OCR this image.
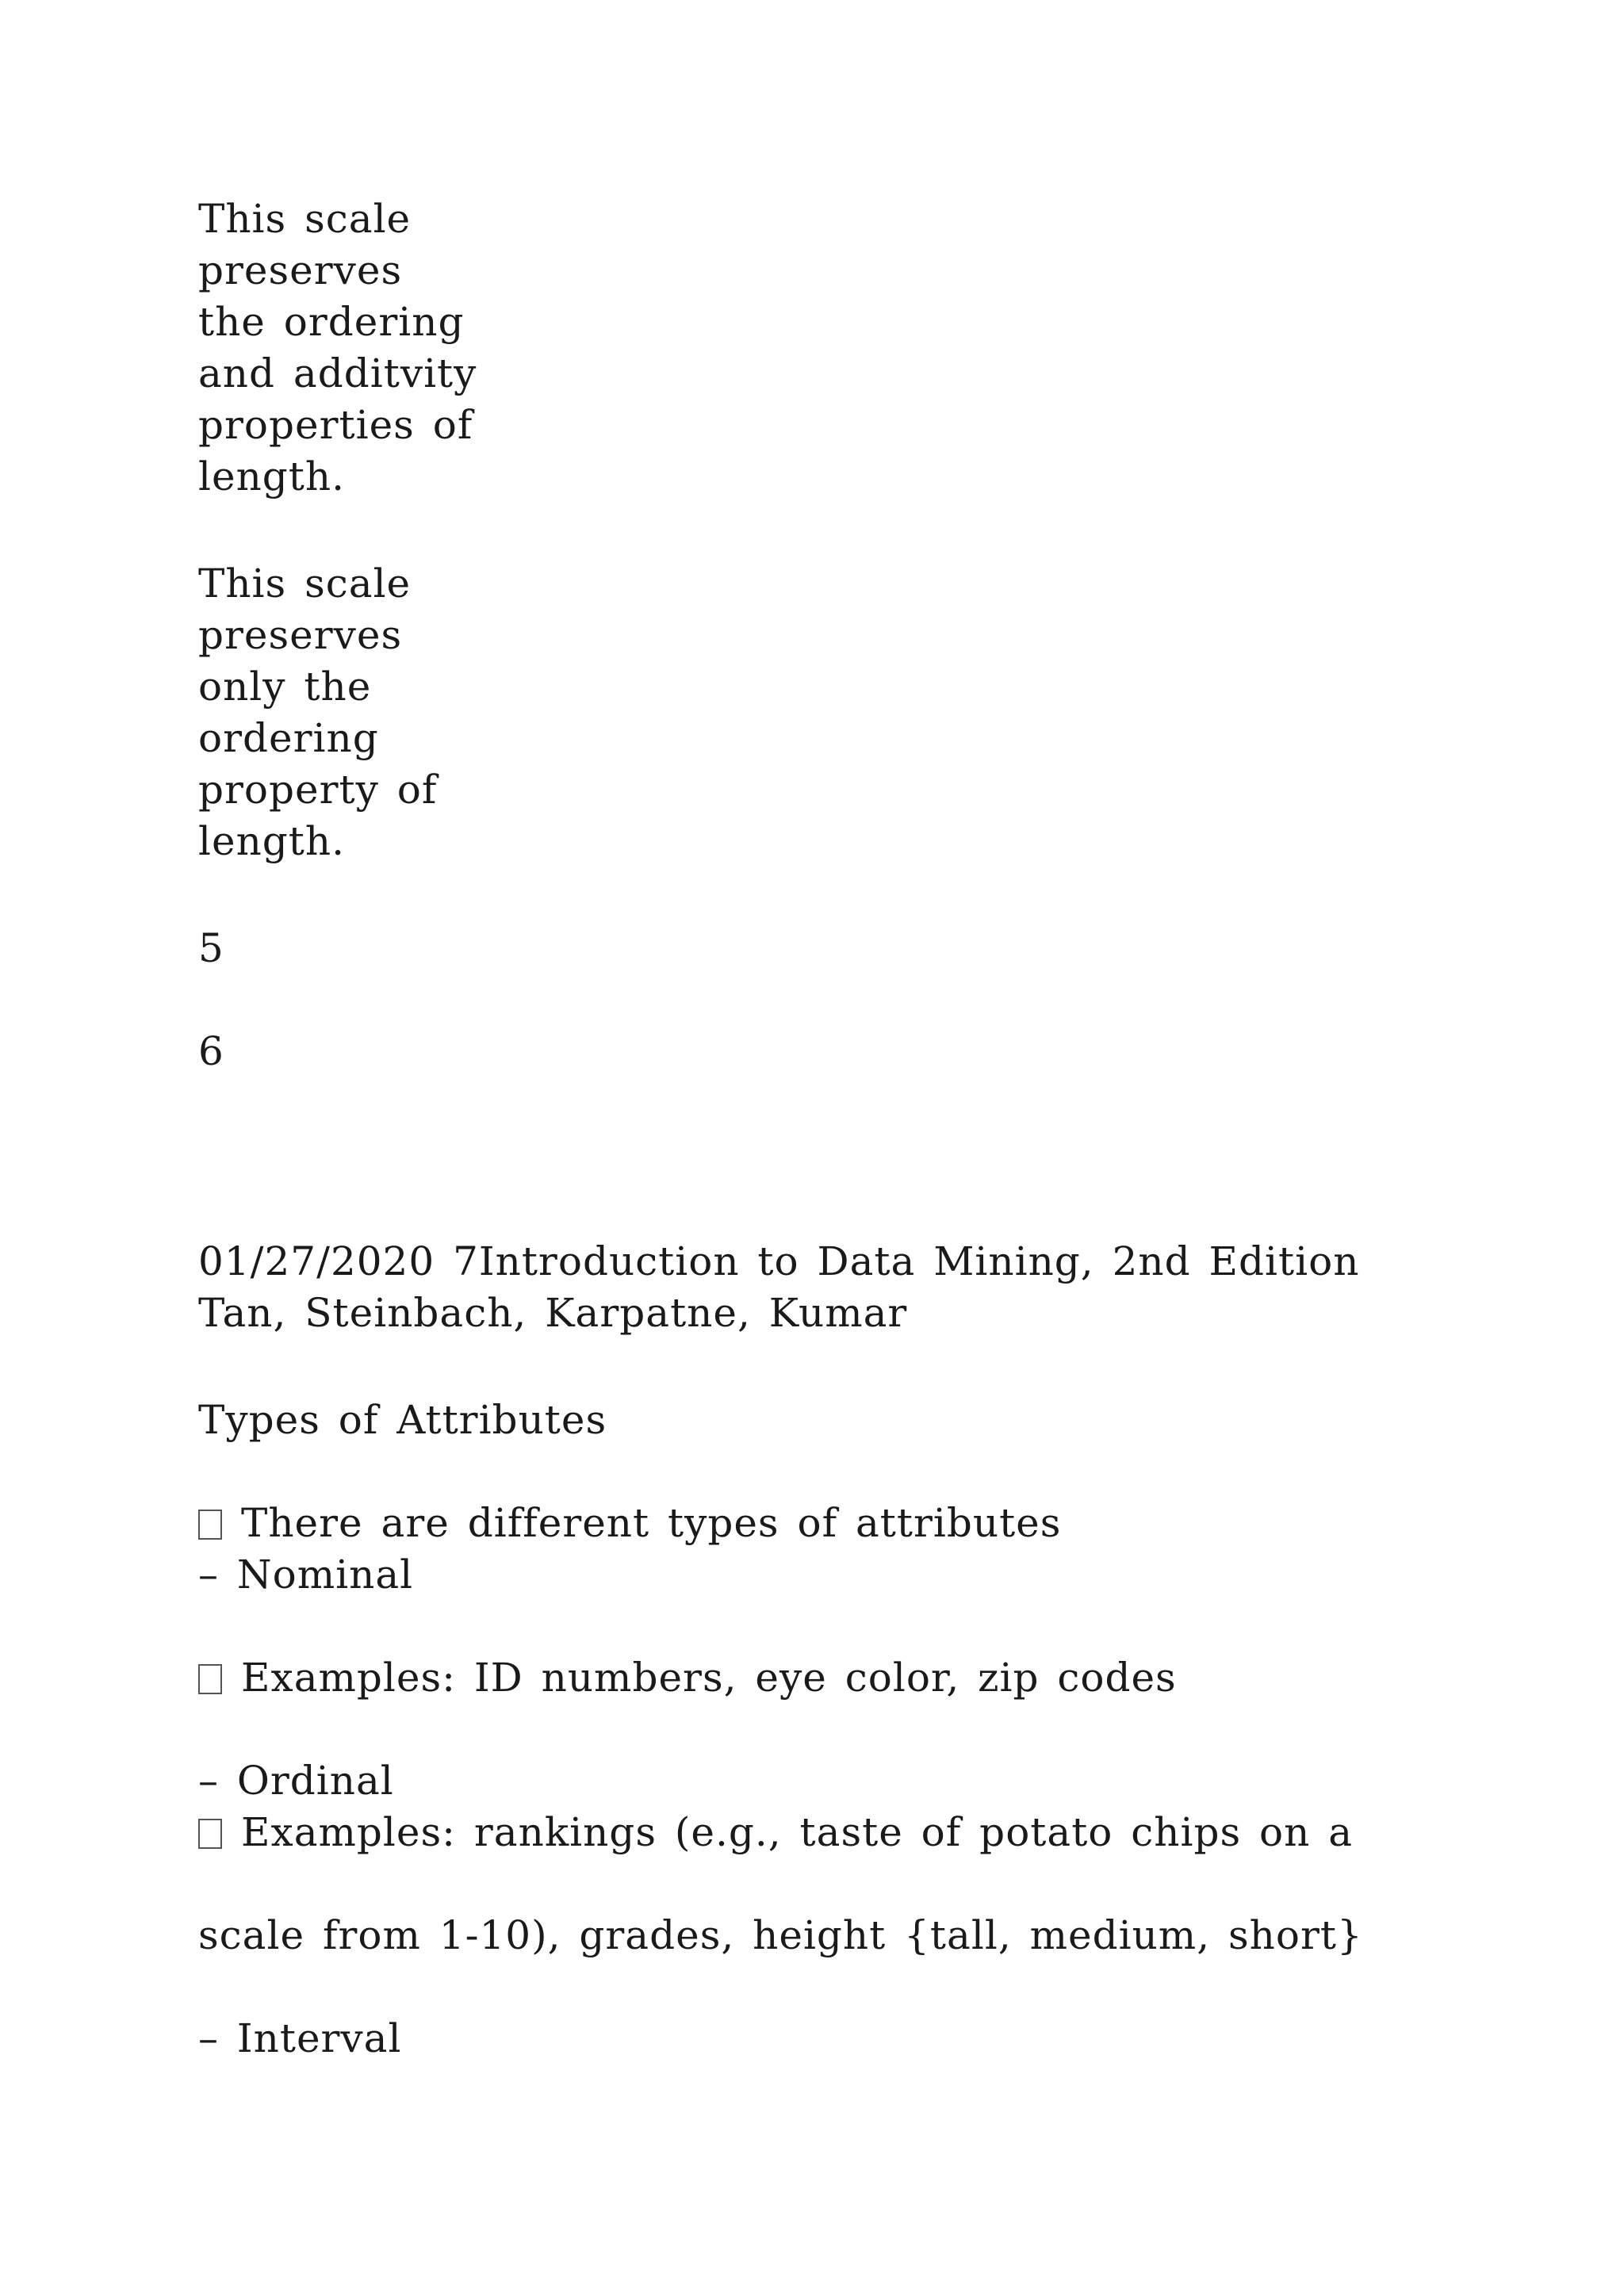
This scale
preserves
the ordering
and additvity
properties of
length.
This scale
preserves
only the
ordering
property of
length.
5
6
01/27/2020 7Introduction to Data Mining, 2nd Edition
Tan, Steinbach, Karpatne, Kumar
Types of Attributes
There are different types of attributes
– Nominal
Examples: ID numbers, eye color, zip codes
– Ordinal
Examples: rankings (e.g., taste of potato chips on a
scale from 1-10), grades, height {tall, medium, short}
– Interval
